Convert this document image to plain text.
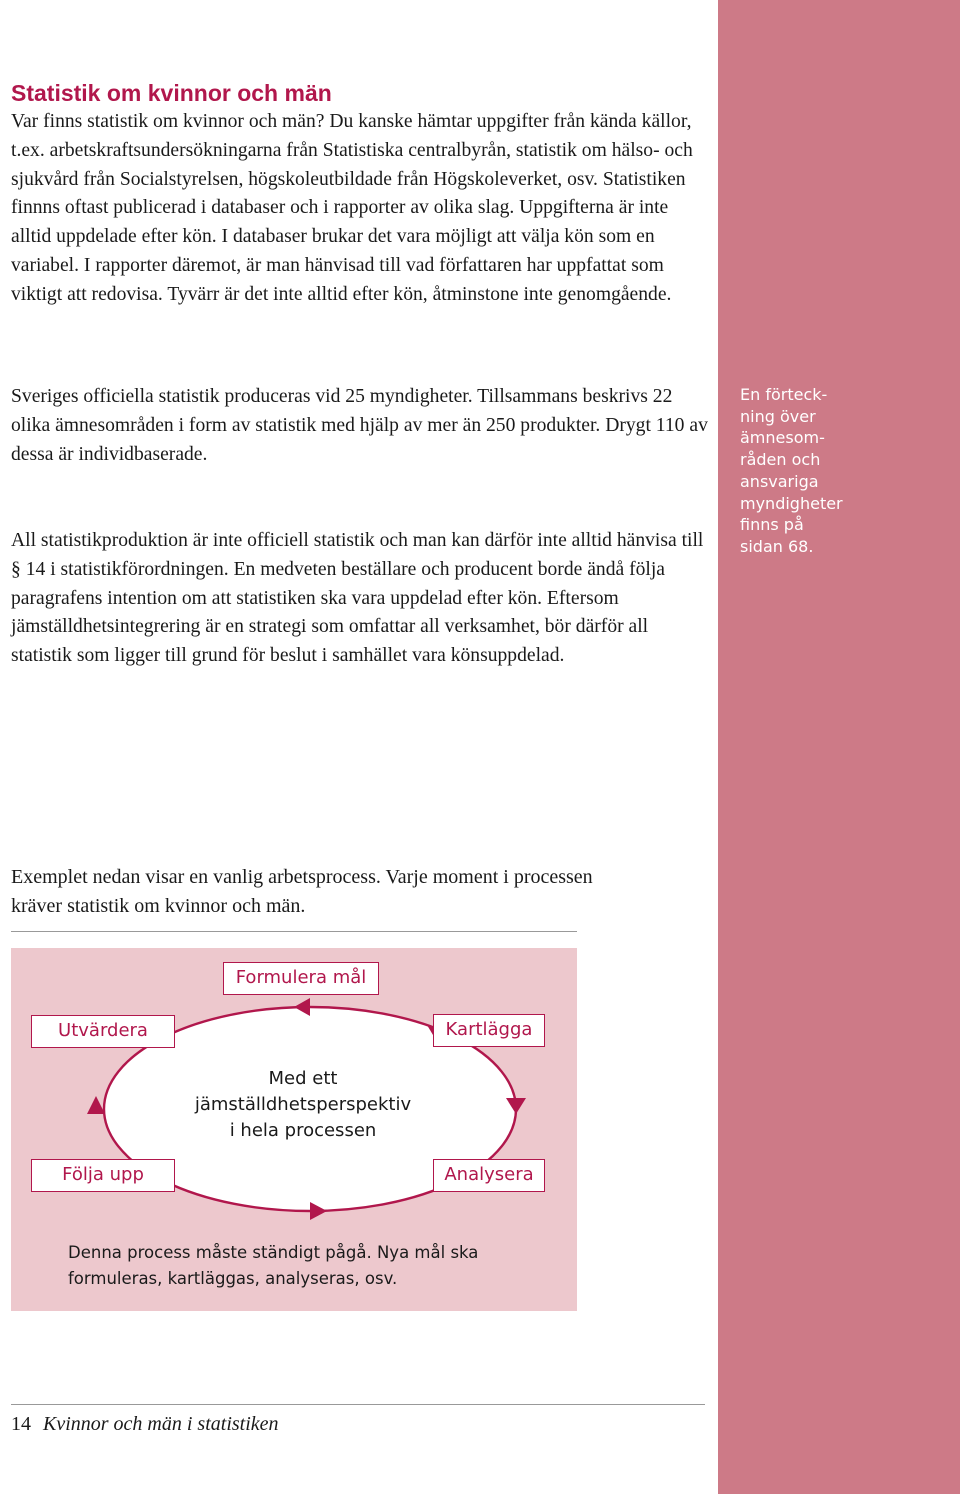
En förteck-
ning över
ämnesom-
råden och
ansvariga
myndigheter
finns på
sidan 68.

Statistik om kvinnor och män

Var finns statistik om kvinnor och män? Du kanske hämtar uppgifter från kända källor, t.ex. arbetskraftsundersökningarna från Statistiska centralbyrån, statistik om hälso- och sjukvård från Socialstyrelsen, högskoleutbildade från Högskoleverket, osv. Statistiken finnns oftast publicerad i databaser och i rapporter av olika slag. Uppgifterna är inte alltid uppdelade efter kön. I databaser brukar det vara möjligt att välja kön som en variabel. I rapporter däremot, är man hänvisad till vad författaren har uppfattat som viktigt att redovisa. Tyvärr är det inte alltid efter kön, åtminstone inte genomgående.

Sveriges officiella statistik produceras vid 25 myndigheter. Tillsammans beskrivs 22 olika ämnesområden i form av statistik med hjälp av mer än 250 produkter. Drygt 110 av dessa är individbaserade.

All statistikproduktion är inte officiell statistik och man kan därför inte alltid hänvisa till § 14 i statistikförordningen. En medveten beställare och producent borde ändå följa paragrafens intention om att statistiken ska vara uppdelad efter kön. Eftersom jämställdhetsintegrering är en strategi som omfattar all verksamhet, bör därför all statistik som ligger till grund för beslut i samhället vara könsuppdelad.

Exemplet nedan visar en vanlig arbetsprocess. Varje moment i processen kräver statistik om kvinnor och män.

Formulera mål
Utvärdera	Kartlägga
Följa upp	Analysera

Med ett
jämställdhetsperspektiv
i hela processen

Denna process måste ständigt pågå. Nya mål ska
formuleras, kartläggas, analyseras, osv.

14 Kvinnor och män i statistiken
